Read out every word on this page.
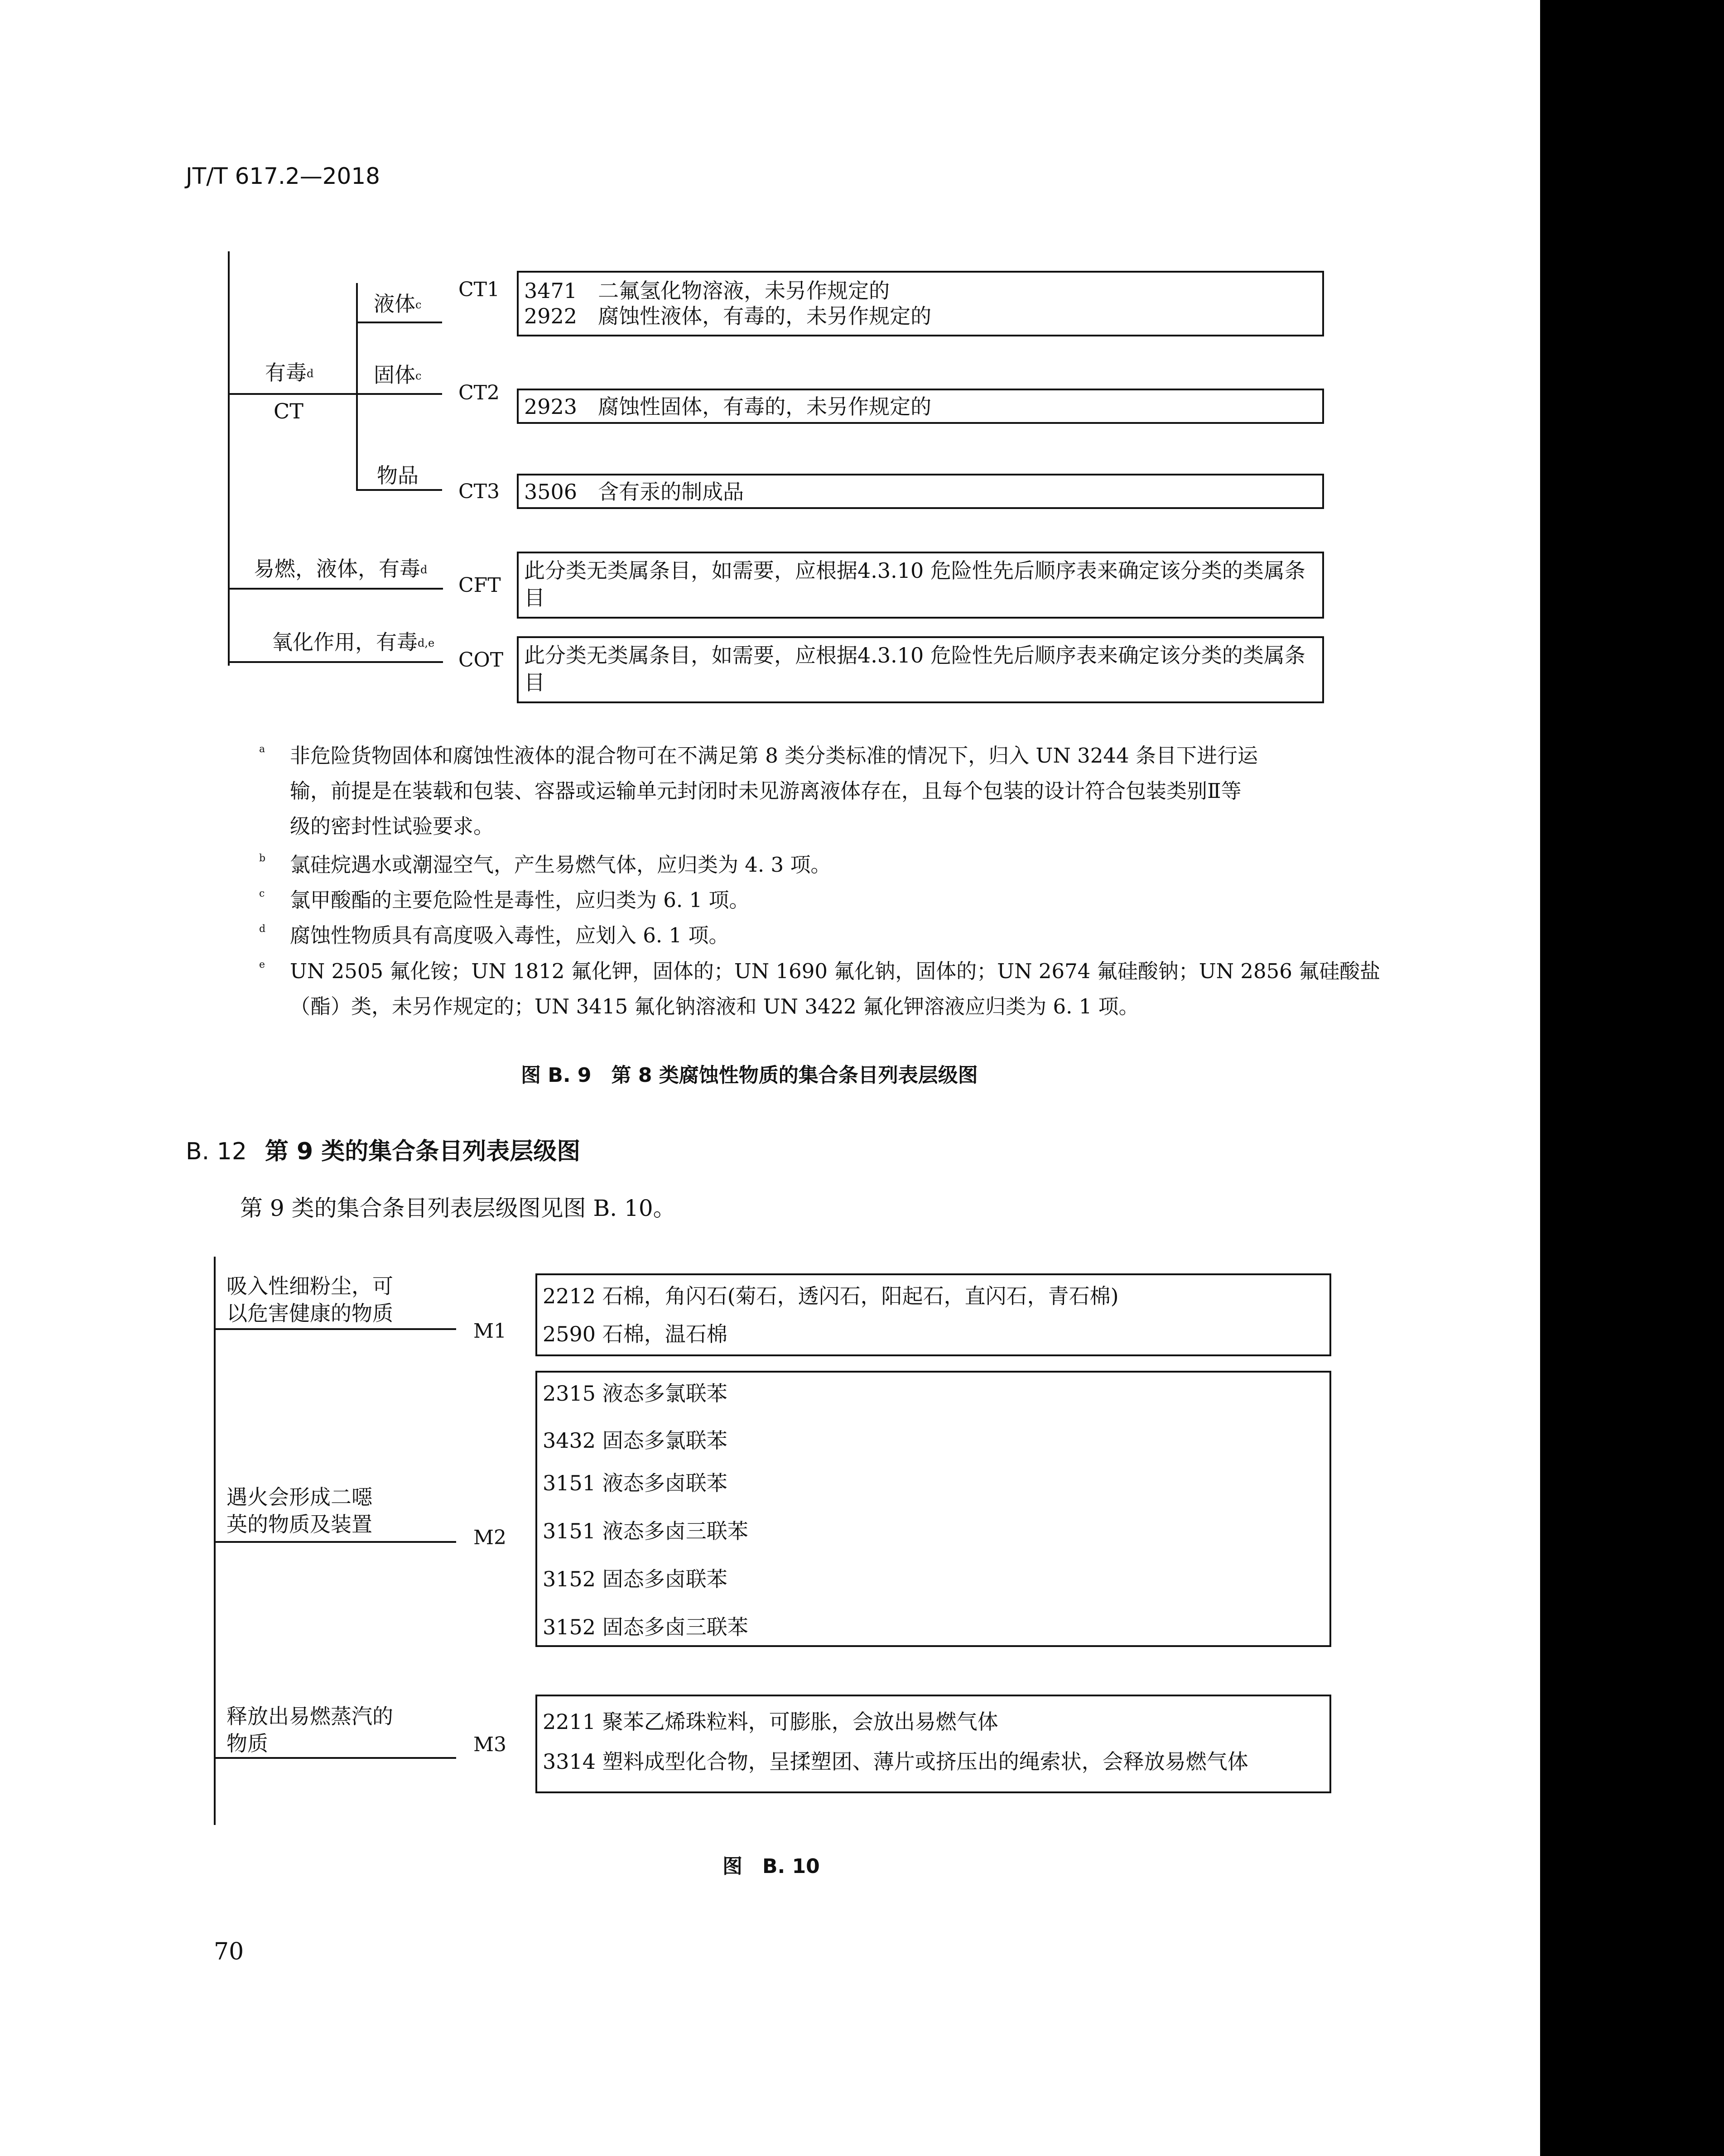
JT/T 617.2—2018
有毒$^d$
CT
液体$^c$
固体$^c$
物品
CT1
CT2
CT3
3471　二氟氢化物溶液，未另作规定的
2922　腐蚀性液体，有毒的，未另作规定的
2923　腐蚀性固体，有毒的，未另作规定的
3506　含有汞的制成品
易燃，液体，有毒$^d$
CFT
此分类无类属条目，如需要，应根据4.3.10 危险性先后顺序表来确定该分类的类属条
目
氧化作用，有毒$^{d,e}$
COT 此分类无类属条目，如需要，应根据4.3.10 危险性先后顺序表来确定该分类的类属条
目
a 非危险货物固体和腐蚀性液体的混合物可在不满足第 8 类分类标准的情况下，归入 UN 3244 条目下进行运
输，前提是在装载和包装、容器或运输单元封闭时未见游离液体存在，且每个包装的设计符合包装类别Ⅱ等
级的密封性试验要求。
b 氯硅烷遇水或潮湿空气，产生易燃气体，应归类为 4. 3 项。
c 氯甲酸酯的主要危险性是毒性，应归类为 6. 1 项。
d 腐蚀性物质具有高度吸入毒性，应划入 6. 1 项。
e UN 2505 氟化铵；UN 1812 氟化钾，固体的；UN 1690 氟化钠，固体的；UN 2674 氟硅酸钠；UN 2856 氟硅酸盐
（酯）类，未另作规定的；UN 3415 氟化钠溶液和 UN 3422 氟化钾溶液应归类为 6. 1 项。
图 B. 9　第 8 类腐蚀性物质的集合条目列表层级图
B. 12 第 9 类的集合条目列表层级图
第 9 类的集合条目列表层级图见图 B. 10。
吸入性细粉尘，可
以危害健康的物质
M1
2212 石棉，角闪石(菊石，透闪石，阳起石，直闪石，青石棉)
2590 石棉，温石棉
遇火会形成二噁
英的物质及装置
M2
2315 液态多氯联苯
3432 固态多氯联苯
3151 液态多卤联苯
3151 液态多卤三联苯
3152 固态多卤联苯
3152 固态多卤三联苯
释放出易燃蒸汽的
物质	M3
2211 聚苯乙烯珠粒料，可膨胀，会放出易燃气体
3314 塑料成型化合物，呈揉塑团、薄片或挤压出的绳索状，会释放易燃气体
图　B. 10
70
